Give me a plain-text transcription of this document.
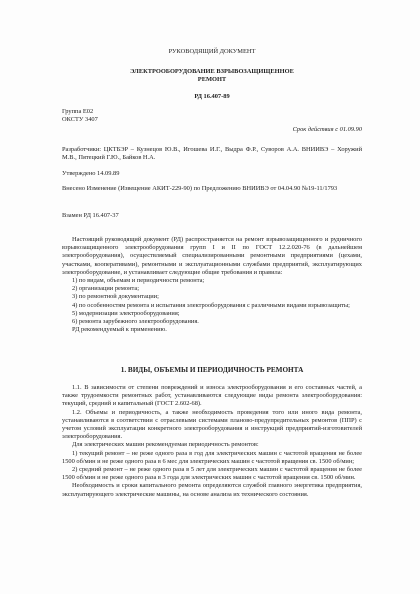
РУКОВОДЯЩИЙ ДОКУМЕНТ
ЭЛЕКТРООБОРУДОВАНИЕ ВЗРЫВОЗАЩИЩЕННОЕ
РЕМОНТ
РД 16.407-89
Группа Е02
ОКСТУ 3407
Срок действия с 01.09.90
Разработчики: ЦКТБЭР – Кузнецов Ю.В., Игошева И.Г., Выдра Ф.Р., Суворов А.А. ВНИИВЭ – Хоружий М.В., Пятецкий Г.Ю., Байков Н.А.
Утверждено 14.09.89
Внесено Изменение (Извещение АКИТ-229-90) по Предложению ВНИИВЭ от 04.04.90 №19-11/1793
Взамен РД 16.407-37

Настоящий руководящий документ (РД) распространяется на ремонт взрывозащищенного и рудничного взрывозащищенного электрооборудования групп I и II по ГОСТ 12.2.020-76 (в дальнейшем электрооборудования), осуществляемый специализированными ремонтными предприятиями (цехами, участками, кооперативами), ремонтными и эксплуатационными службами предприятий, эксплуатирующих электрооборудование, и устанавливает следующие общие требования и правила:

1) по видам, объемам и периодичности ремонта;

2) организации ремонта;

3) по ремонтной документации;

4) по особенностям ремонта и испытания электрооборудования с различными видами взрывозащиты;

5) модернизации электрооборудования;

6) ремонта зарубежного электрооборудования.

РД рекомендуемый к применению.

1. ВИДЫ, ОБЪЕМЫ И ПЕРИОДИЧНОСТЬ РЕМОНТА

1.1. В зависимости от степени повреждений и износа электрооборудования и его составных частей, а также трудоемкости ремонтных работ, устанавливаются следующие виды ремонта электрооборудования: текущий, средний и капитальный (ГОСТ 2.602-68).

1.2. Объемы и периодичность, а также необходимость проведения того или иного вида ремонта, устанавливаются в соответствии с отраслевыми системами планово-предупредительных ремонтов (ППР) с учетом условий эксплуатации конкретного электрооборудования и инструкций предприятий-изготовителей электрооборудования.

Для электрических машин рекомендуемая периодичность ремонтов:

1) текущий ремонт – не реже одного раза в год для электрических машин с частотой вращения не более 1500 об/мин и не реже одного раза в 6 мес для электрических машин с частотой вращения св. 1500 об/мин;

2) средний ремонт – не реже одного раза в 5 лет для электрических машин с частотой вращения не более 1500 об/мин и не реже одного раза в 3 года для электрических машин с частотой вращения св. 1500 об/мин.

Необходимость и сроки капитального ремонта определяются службой главного энергетика предприятия, эксплуатирующего электрические машины, на основе анализа их технического состояния.
